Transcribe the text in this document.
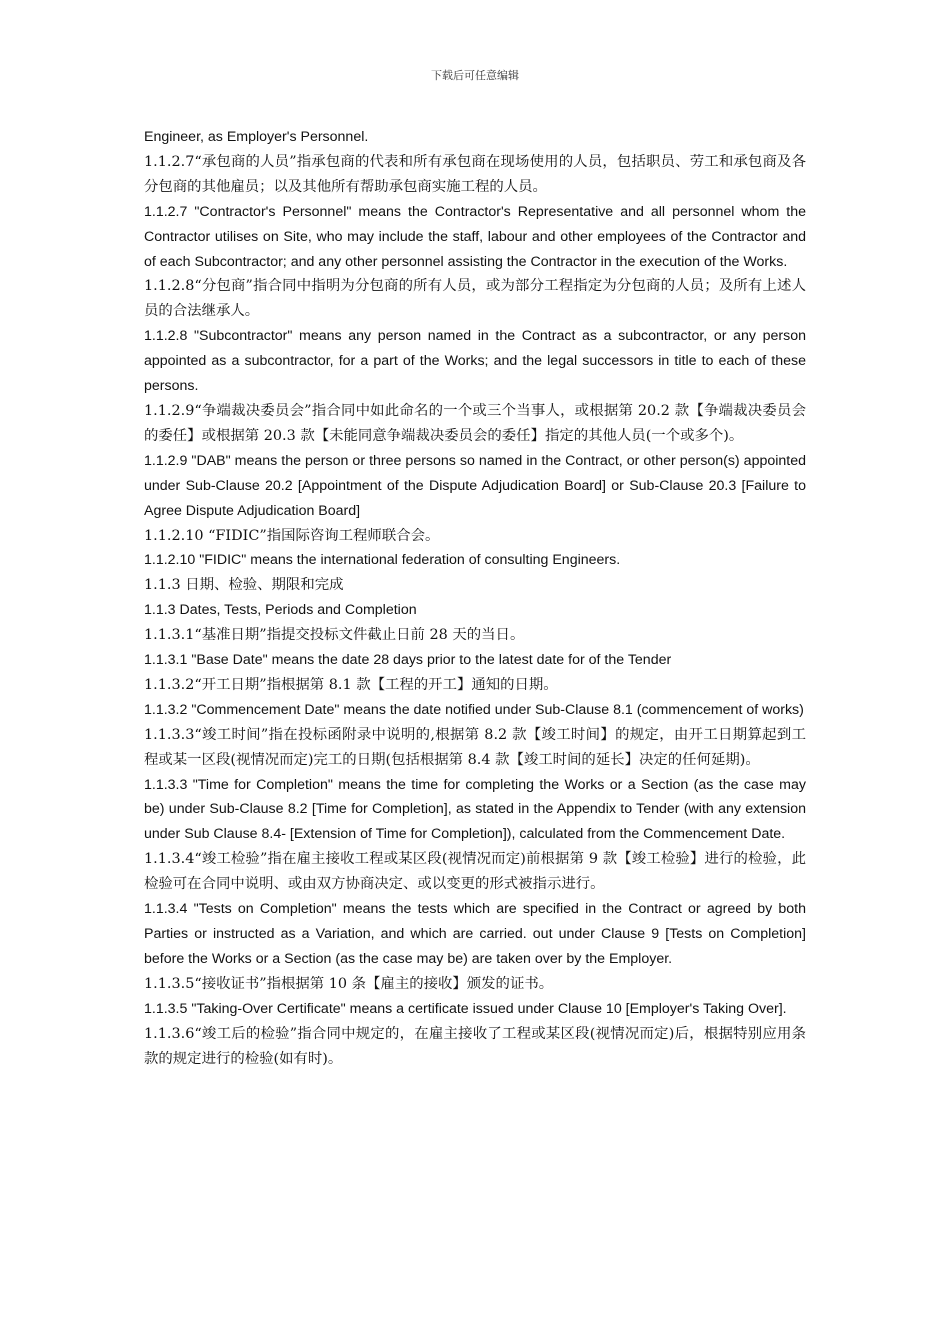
下载后可任意编辑

Engineer, as Employer's Personnel.

1.1.2.7“承包商的人员”指承包商的代表和所有承包商在现场使用的人员，包括职员、劳工和承包商及各分包商的其他雇员；以及其他所有帮助承包商实施工程的人员。

1.1.2.7 "Contractor's Personnel" means the Contractor's Representative and all personnel whom the Contractor utilises on Site, who may include the staff, labour and other employees of the Contractor and of each Subcontractor; and any other personnel assisting the Contractor in the execution of the Works.

1.1.2.8“分包商”指合同中指明为分包商的所有人员，或为部分工程指定为分包商的人员；及所有上述人员的合法继承人。

1.1.2.8 "Subcontractor" means any person named in the Contract as a subcontractor, or any person appointed as a subcontractor, for a part of the Works; and the legal successors in title to each of these persons.

1.1.2.9“争端裁决委员会”指合同中如此命名的一个或三个当事人，或根据第 20.2 款【争端裁决委员会的委任】或根据第 20.3 款【未能同意争端裁决委员会的委任】指定的其他人员(一个或多个)。

1.1.2.9 "DAB" means the person or three persons so named in the Contract, or other person(s) appointed under Sub-Clause 20.2 [Appointment of the Dispute Adjudication Board] or Sub-Clause 20.3 [Failure to Agree Dispute Adjudication Board]

1.1.2.10 “FIDIC”指国际咨询工程师联合会。

1.1.2.10 "FIDIC" means the international federation of consulting Engineers.

1.1.3 日期、检验、期限和完成

1.1.3 Dates, Tests, Periods and Completion

1.1.3.1“基准日期”指提交投标文件截止日前 28 天的当日。

1.1.3.1 "Base Date" means the date 28 days prior to the latest date for of the Tender

1.1.3.2“开工日期”指根据第 8.1 款【工程的开工】通知的日期。

1.1.3.2 "Commencement Date" means the date notified under Sub-Clause 8.1 (commencement of works)

1.1.3.3“竣工时间”指在投标函附录中说明的,根据第 8.2 款【竣工时间】的规定，由开工日期算起到工程或某一区段(视情况而定)完工的日期(包括根据第 8.4 款【竣工时间的延长】决定的任何延期)。

1.1.3.3 "Time for Completion" means the time for completing the Works or a Section (as the case may be) under Sub-Clause 8.2 [Time for Completion], as stated in the Appendix to Tender (with any extension under Sub Clause 8.4- [Extension of Time for Completion]), calculated from the Commencement Date.

1.1.3.4“竣工检验”指在雇主接收工程或某区段(视情况而定)前根据第 9 款【竣工检验】进行的检验，此检验可在合同中说明、或由双方协商决定、或以变更的形式被指示进行。

1.1.3.4 "Tests on Completion" means the tests which are specified in the Contract or agreed by both Parties or instructed as a Variation, and which are carried. out under Clause 9 [Tests on Completion] before the Works or a Section (as the case may be) are taken over by the Employer.

1.1.3.5“接收证书”指根据第 10 条【雇主的接收】颁发的证书。

1.1.3.5 "Taking-Over Certificate" means a certificate issued under Clause 10 [Employer's Taking Over].

1.1.3.6“竣工后的检验”指合同中规定的，在雇主接收了工程或某区段(视情况而定)后，根据特别应用条款的规定进行的检验(如有时)。
